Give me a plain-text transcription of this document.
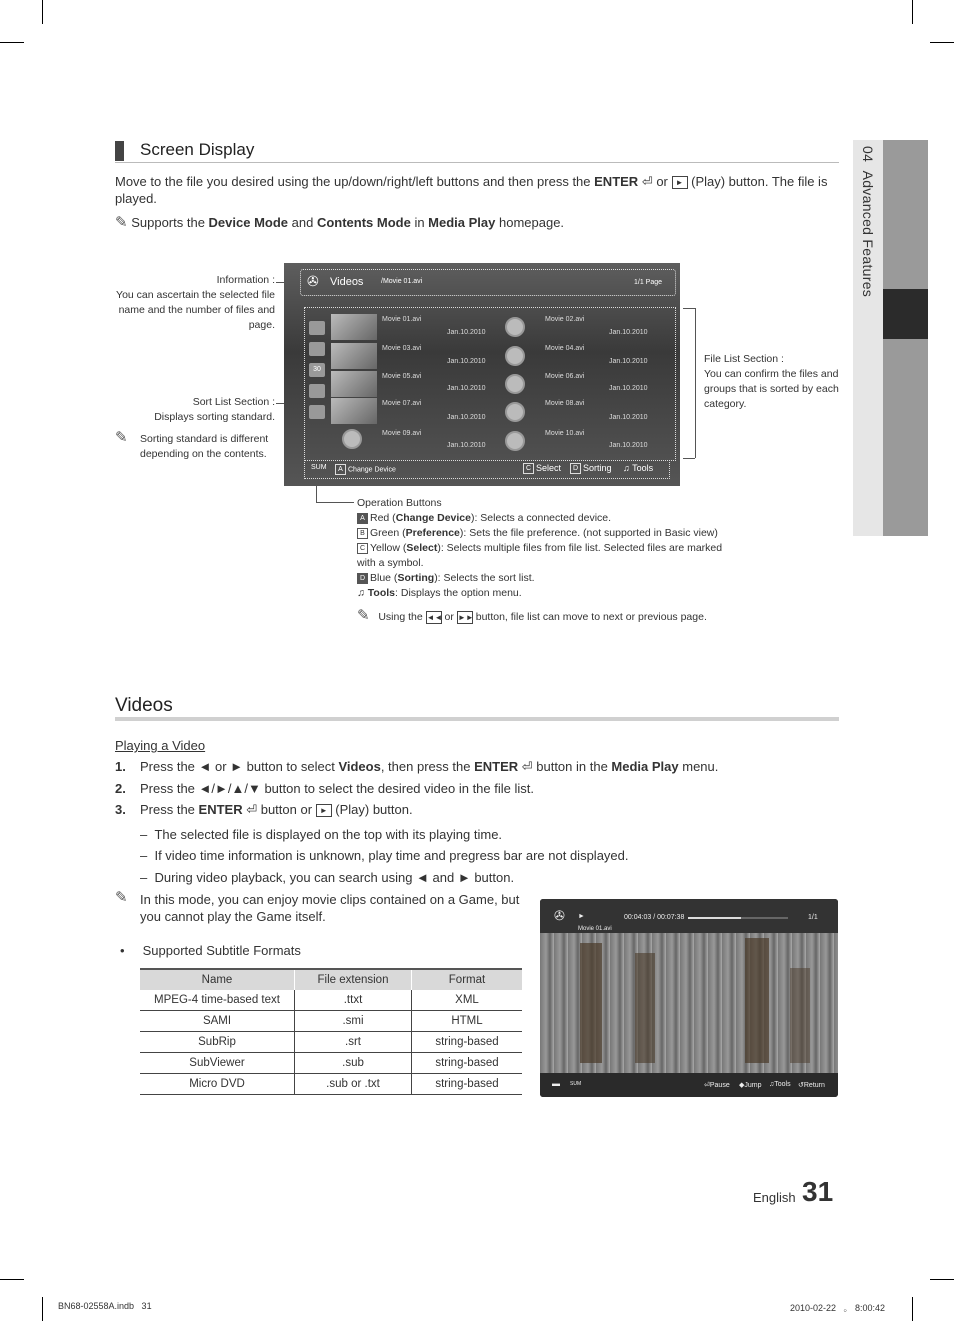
04  Advanced Features
Screen Display
Move to the file you desired using the up/down/right/left buttons and then press the ENTER ⏎ or ► (Play) button. The file is played.
✎ Supports the Device Mode and Contents Mode in Media Play homepage.
Information :
You can ascertain the selected file name and the number of files and page.
Sort List Section :
Displays sorting standard.
✎ Sorting standard is different depending on the contents.
File List Section :
You can confirm the files and groups that is sorted by each category.
✇ Videos	/Movie 01.avi	1/1 Page
30
Movie 01.avi
Jan.10.2010
Movie 03.avi
Jan.10.2010
Movie 05.avi
Jan.10.2010
Movie 07.avi
Jan.10.2010
Movie 09.avi
Jan.10.2010
Movie 02.avi
Jan.10.2010
Movie 04.avi
Jan.10.2010
Movie 06.avi
Jan.10.2010
Movie 08.avi
Jan.10.2010
Movie 10.avi
Jan.10.2010
SUM	A Change Device	C Select	D Sorting ♫ Tools
Operation Buttons
A Red (Change Device): Selects a connected device.
B Green (Preference): Sets the file preference. (not supported in Basic view)
C Yellow (Select): Selects multiple files from file list. Selected files are marked with a symbol.
D Blue (Sorting): Selects the sort list.
♫ Tools: Displays the option menu.
✎ Using the ◄◄ or ►► button, file list can move to next or previous page.
Videos
Playing a Video
1. Press the ◄ or ► button to select Videos, then press the ENTER ⏎ button in the Media Play menu.
2. Press the ◄/►/▲/▼ button to select the desired video in the file list.
3. Press the ENTER ⏎ button or ► (Play) button.
–  The selected file is displayed on the top with its playing time.
–  If video time information is unknown, play time and pregress bar are not displayed.
–  During video playback, you can search using ◄ and ► button.
✎ In this mode, you can enjoy movie clips contained on a Game, but you cannot play the Game itself.
•     Supported Subtitle Formats
Name	File extension	Format
MPEG-4 time-based text	.ttxt	XML
SAMI	.smi	HTML
SubRip	.srt	string-based
SubViewer	.sub	string-based
Micro DVD	.sub or .txt	string-based
✇ ►	00:04:03 / 00:07:38	1/1
Movie 01.avi
▬ SUM	⏎Pause ◆Jump ♫Tools ↺Return
English 31
BN68-02558A.indb   31	2010-02-22   。 8:00:42
